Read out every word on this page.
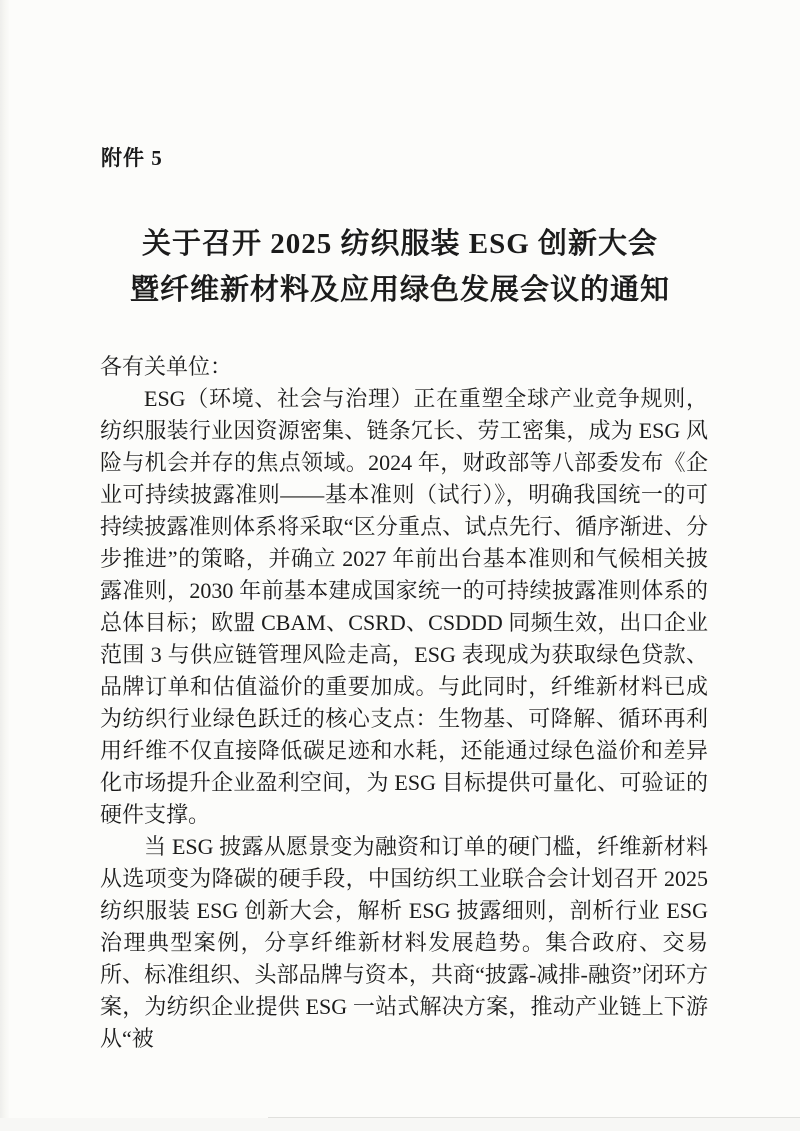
附件 5
关于召开 2025 纺织服装 ESG 创新大会
暨纤维新材料及应用绿色发展会议的通知

各有关单位：

ESG（环境、社会与治理）正在重塑全球产业竞争规则，纺织服装行业因资源密集、链条冗长、劳工密集，成为 ESG 风险与机会并存的焦点领域。2024 年，财政部等八部委发布《企业可持续披露准则——基本准则（试行）》，明确我国统一的可持续披露准则体系将采取“区分重点、试点先行、循序渐进、分步推进”的策略，并确立 2027 年前出台基本准则和气候相关披露准则，2030 年前基本建成国家统一的可持续披露准则体系的总体目标；欧盟 CBAM、CSRD、CSDDD 同频生效，出口企业范围 3 与供应链管理风险走高，ESG 表现成为获取绿色贷款、品牌订单和估值溢价的重要加成。与此同时，纤维新材料已成为纺织行业绿色跃迁的核心支点：生物基、可降解、循环再利用纤维不仅直接降低碳足迹和水耗，还能通过绿色溢价和差异化市场提升企业盈利空间，为 ESG 目标提供可量化、可验证的硬件支撑。

当 ESG 披露从愿景变为融资和订单的硬门槛，纤维新材料从选项变为降碳的硬手段，中国纺织工业联合会计划召开 2025 纺织服装 ESG 创新大会，解析 ESG 披露细则，剖析行业 ESG 治理典型案例，分享纤维新材料发展趋势。集合政府、交易所、标准组织、头部品牌与资本，共商“披露-减排-融资”闭环方案，为纺织企业提供 ESG 一站式解决方案，推动产业链上下游从“被
